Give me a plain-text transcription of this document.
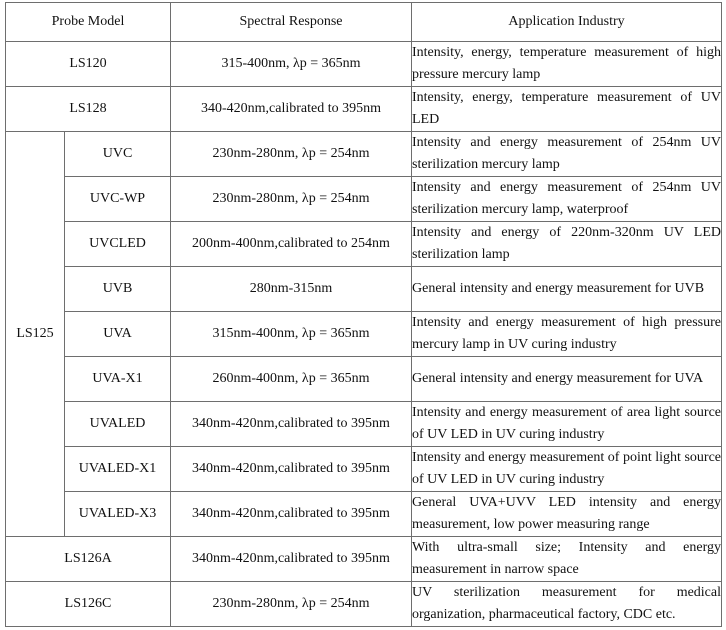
Probe Model		Spectral Response	Application Industry
LS120		315-400nm, λp = 365nm	Intensity, energy, temperature measurement of high pressure mercury lamp
LS128		340-420nm,calibrated to 395nm	Intensity, energy, temperature measurement of UV LED
LS125	UVC	230nm-280nm, λp = 254nm	Intensity and energy measurement of 254nm UV sterilization mercury lamp
	UVC-WP	230nm-280nm, λp = 254nm	Intensity and energy measurement of 254nm UV sterilization mercury lamp, waterproof
	UVCLED	200nm-400nm,calibrated to 254nm	Intensity and energy of 220nm-320nm UV LED sterilization lamp
	UVB	280nm-315nm	General intensity and energy measurement for UVB
	UVA	315nm-400nm, λp = 365nm	Intensity and energy measurement of high pressure mercury lamp in UV curing industry
	UVA-X1	260nm-400nm, λp = 365nm	General intensity and energy measurement for UVA
	UVALED	340nm-420nm,calibrated to 395nm	Intensity and energy measurement of area light source of UV LED in UV curing industry
	UVALED-X1	340nm-420nm,calibrated to 395nm	Intensity and energy measurement of point light source of UV LED in UV curing industry
	UVALED-X3	340nm-420nm,calibrated to 395nm	General UVA+UVV LED intensity and energy measurement, low power measuring range
LS126A		340nm-420nm,calibrated to 395nm	With ultra-small size; Intensity and energy measurement in narrow space
LS126C		230nm-280nm, λp = 254nm	UV sterilization measurement for medical organization, pharmaceutical factory, CDC etc.
